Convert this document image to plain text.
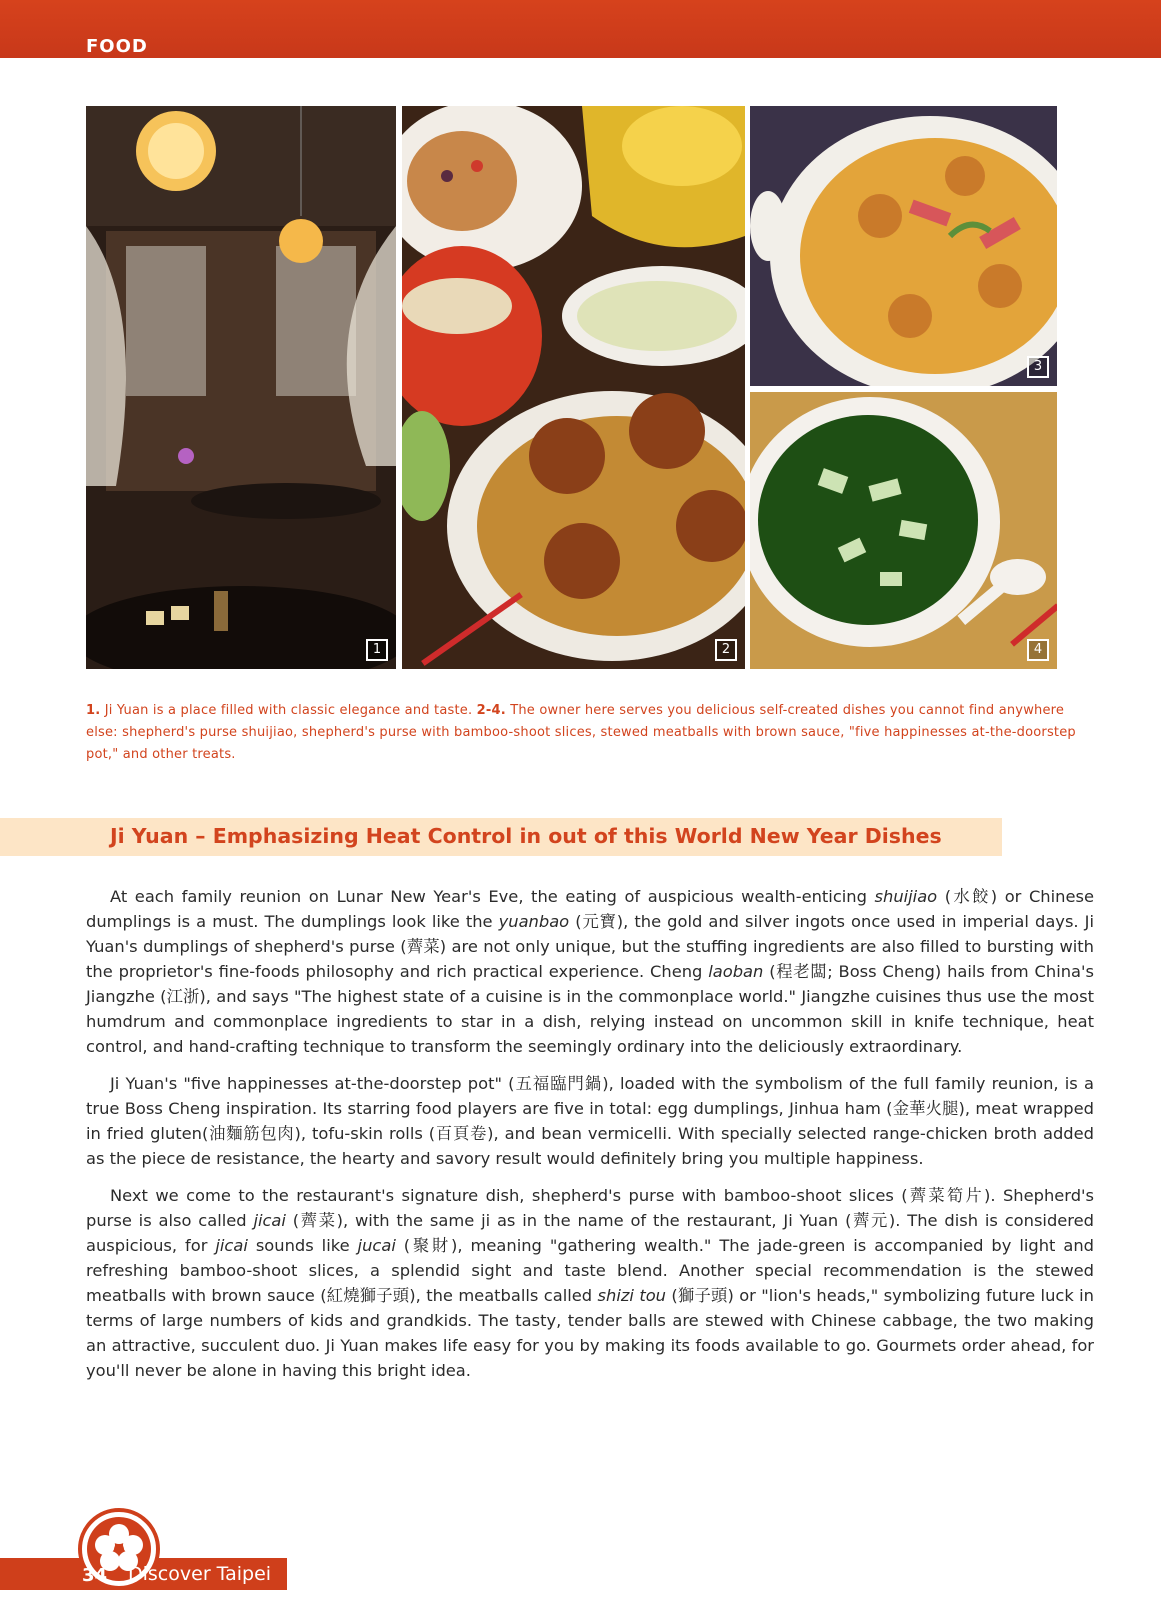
FOOD
1	2
3
4
1. Ji Yuan is a place filled with classic elegance and taste. 2-4. The owner here serves you delicious self-created dishes you cannot find anywhere else: shepherd's purse shuijiao, shepherd's purse with bamboo-shoot slices, stewed meatballs with brown sauce, "five happinesses at-the-doorstep pot," and other treats.
Ji Yuan – Emphasizing Heat Control in out of this World New Year Dishes

At each family reunion on Lunar New Year's Eve, the eating of auspicious wealth-enticing shuijiao (水餃) or Chinese dumplings is a must. The dumplings look like the yuanbao (元寶), the gold and silver ingots once used in imperial days. Ji Yuan's dumplings of shepherd's purse (薺菜) are not only unique, but the stuffing ingredients are also filled to bursting with the proprietor's fine-foods philosophy and rich practical experience. Cheng laoban (程老闆; Boss Cheng) hails from China's Jiangzhe (江浙), and says "The highest state of a cuisine is in the commonplace world." Jiangzhe cuisines thus use the most humdrum and commonplace ingredients to star in a dish, relying instead on uncommon skill in knife technique, heat control, and hand-crafting technique to transform the seemingly ordinary into the deliciously extraordinary.

Ji Yuan's "five happinesses at-the-doorstep pot" (五福臨門鍋), loaded with the symbolism of the full family reunion, is a true Boss Cheng inspiration. Its starring food players are five in total: egg dumplings, Jinhua ham (金華火腿), meat wrapped in fried gluten(油麵筋包肉), tofu-skin rolls (百頁卷), and bean vermicelli. With specially selected range-chicken broth added as the piece de resistance, the hearty and savory result would definitely bring you multiple happiness.

Next we come to the restaurant's signature dish, shepherd's purse with bamboo-shoot slices (薺菜筍片). Shepherd's purse is also called jicai (薺菜), with the same ji as in the name of the restaurant, Ji Yuan (薺元). The dish is considered auspicious, for jicai sounds like jucai (聚財), meaning "gathering wealth." The jade-green is accompanied by light and refreshing bamboo-shoot slices, a splendid sight and taste blend. Another special recommendation is the stewed meatballs with brown sauce (紅燒獅子頭), the meatballs called shizi tou (獅子頭) or "lion's heads," symbolizing future luck in terms of large numbers of kids and grandkids. The tasty, tender balls are stewed with Chinese cabbage, the two making an attractive, succulent duo. Ji Yuan makes life easy for you by making its foods available to go. Gourmets order ahead, for you'll never be alone in having this bright idea.

34 Discover Taipei
